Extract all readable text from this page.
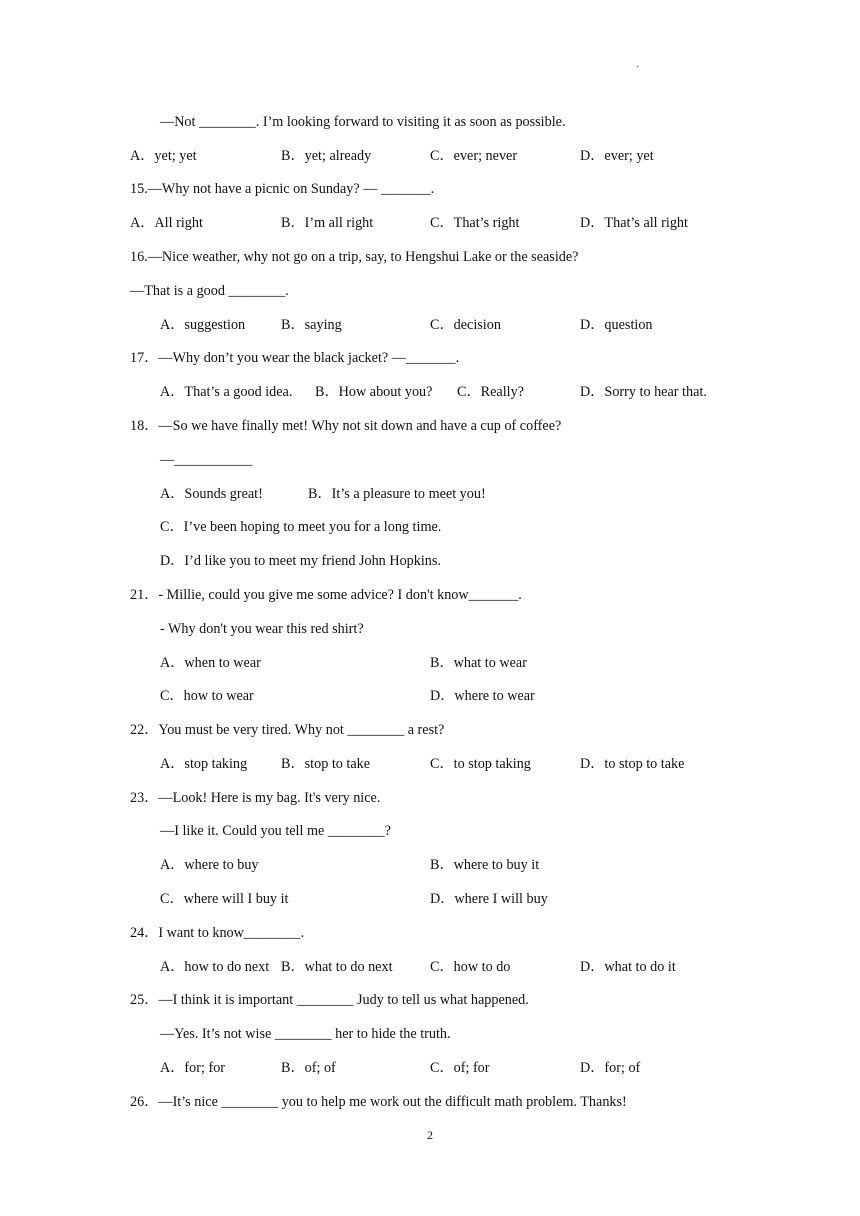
·
—Not ________. I’m looking forward to visiting it as soon as possible.
A．yet; yet	B．yet; already	C．ever; never	D．ever; yet
15.—Why not have a picnic on Sunday? — _______.
A．All right	B．I’m all right	C．That’s right	D．That’s all right
16.—Nice weather, why not go on a trip, say, to Hengshui Lake or the seaside?
—That is a good ________.
A．suggestion	B．saying	C．decision	D．question
17．—Why don’t you wear the black jacket? —_______.
A．That’s a good idea. B．How about you? C．Really?	D．Sorry to hear that.
18．—So we have finally met! Why not sit down and have a cup of coffee?
—___________
A．Sounds great!	B．It’s a pleasure to meet you!
C．I’ve been hoping to meet you for a long time.
D．I’d like you to meet my friend John Hopkins.
21．- Millie, could you give me some advice? I don't know_______.
- Why don't you wear this red shirt?
A．when to wear	B．what to wear
C．how to wear	D．where to wear
22．You must be very tired. Why not ________ a rest?
A．stop taking B．stop to take	C．to stop taking	D．to stop to take
23．—Look! Here is my bag. It's very nice.
—I like it. Could you tell me ________?
A．where to buy	B．where to buy it
C．where will I buy it	D．where I will buy
24．I want to know________.
A．how to do next B．what to do next	C．how to do	D．what to do it
25．—I think it is important ________ Judy to tell us what happened.
—Yes. It’s not wise ________ her to hide the truth.
A．for; for	B．of; of	C．of; for	D．for; of
26．—It’s nice ________ you to help me work out the difficult math problem. Thanks!
2
